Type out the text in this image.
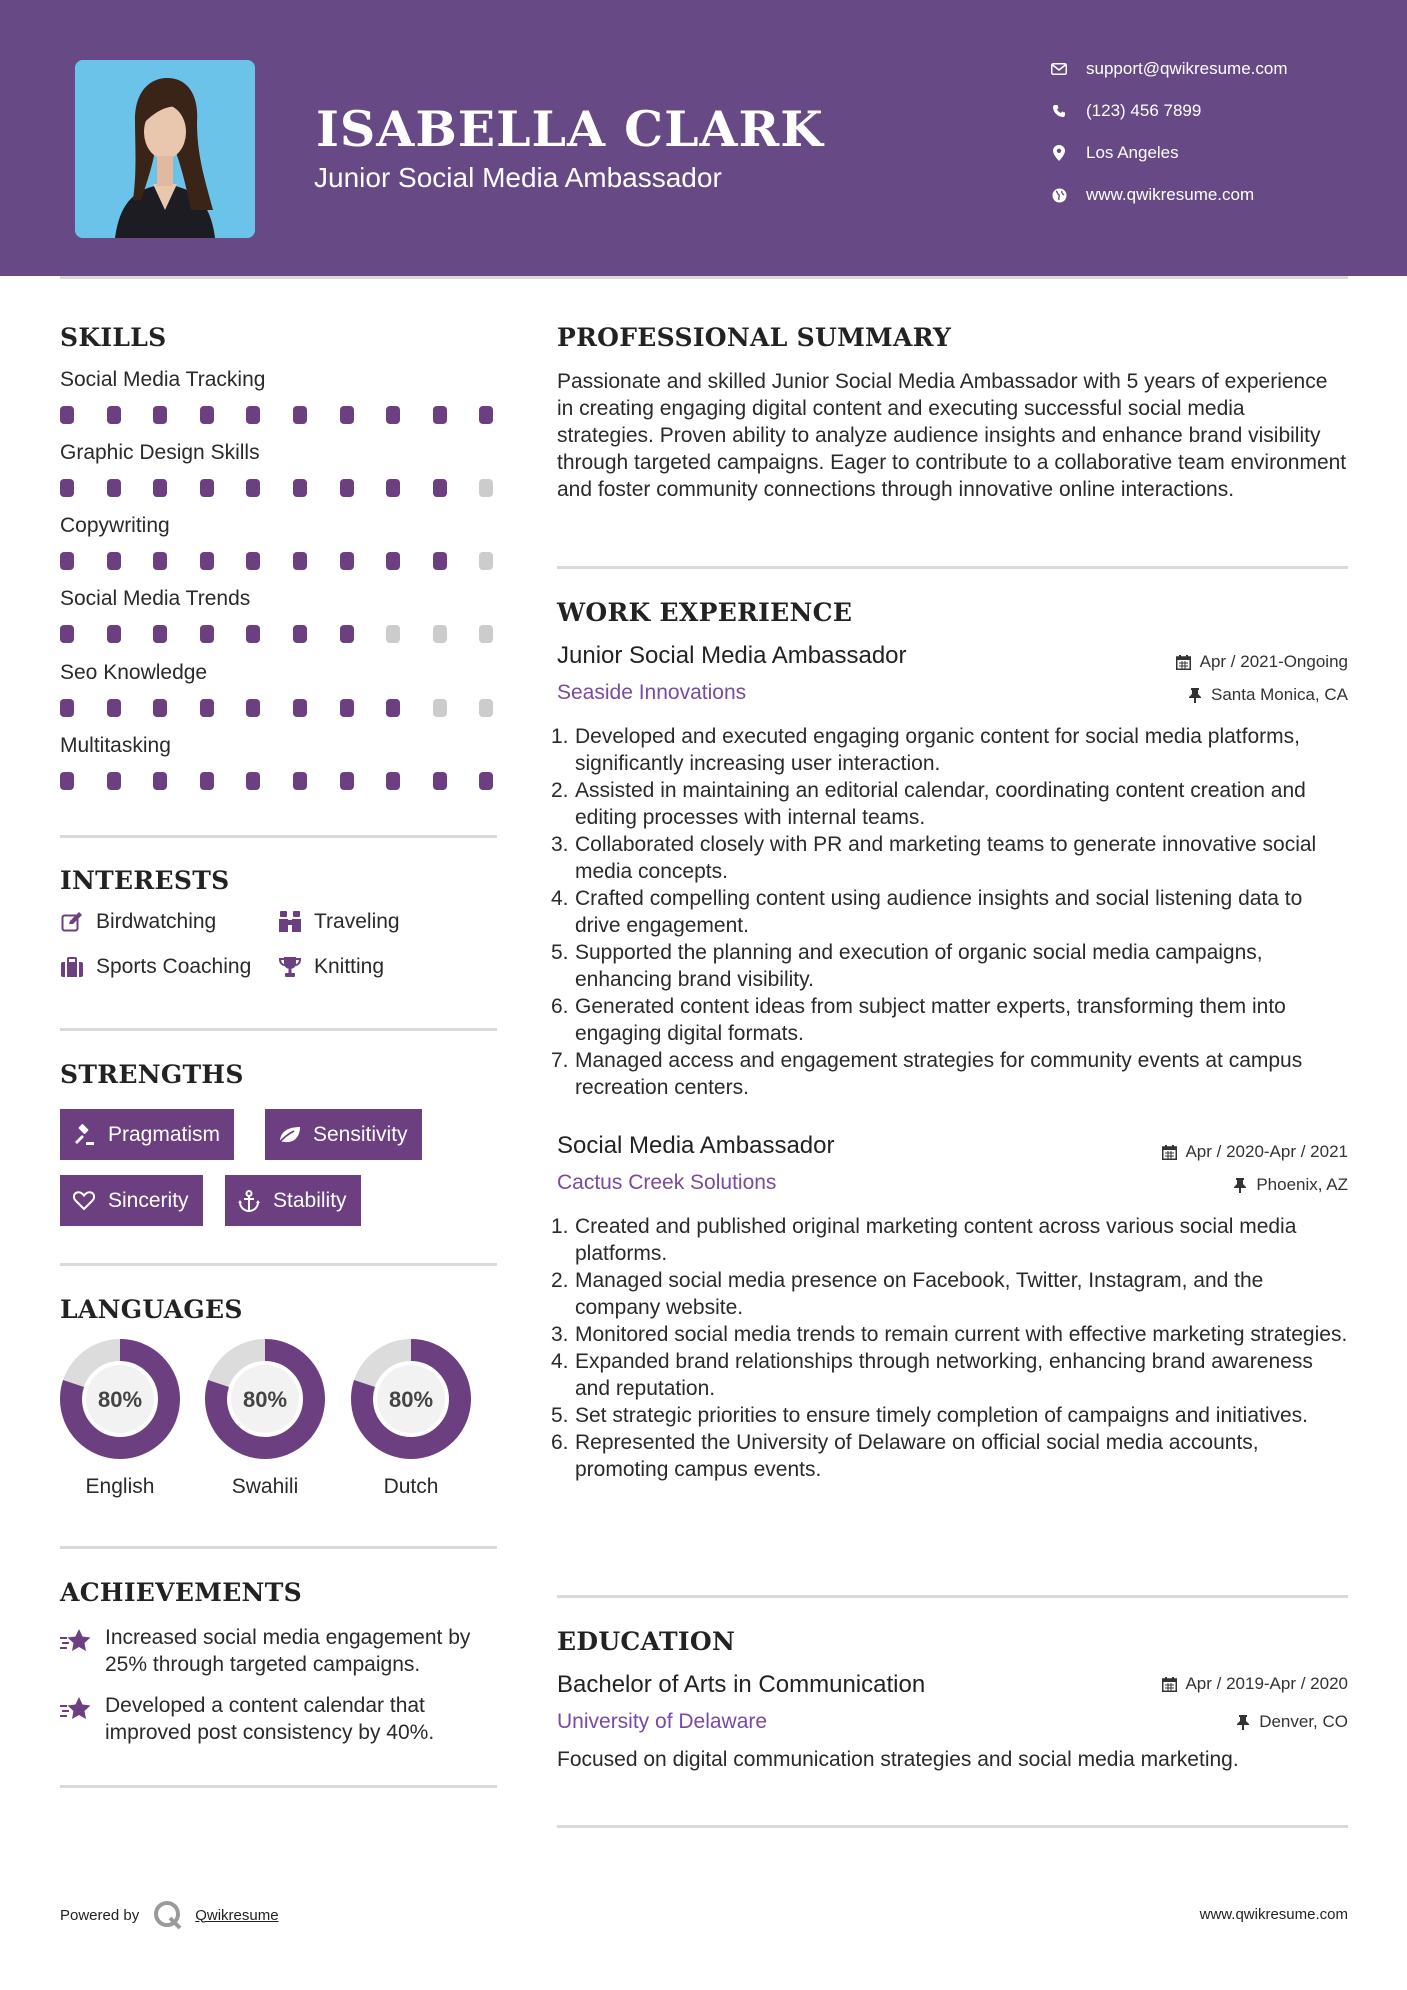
ISABELLA CLARK
Junior Social Media Ambassador
support@qwikresume.com
(123) 456 7899
Los Angeles
www.qwikresume.com
SKILLS
Social Media Tracking
Graphic Design Skills
Copywriting
Social Media Trends
Seo Knowledge
Multitasking
INTERESTS
Birdwatching	Traveling
Sports Coaching	Knitting
STRENGTHS
Pragmatism	Sensitivity
Sincerity	Stability
LANGUAGES
80%
English
80%
Swahili
80%
Dutch
ACHIEVEMENTS
Increased social media engagement by 25% through targeted campaigns.
Developed a content calendar that improved post consistency by 40%.
PROFESSIONAL SUMMARY
Passionate and skilled Junior Social Media Ambassador with 5 years of experience in creating engaging digital content and executing successful social media strategies. Proven ability to analyze audience insights and enhance brand visibility through targeted campaigns. Eager to contribute to a collaborative team environment and foster community connections through innovative online interactions.
WORK EXPERIENCE
Junior Social Media Ambassador	Apr / 2021-Ongoing
Seaside Innovations	Santa Monica, CA
1. Developed and executed engaging organic content for social media platforms, significantly increasing user interaction.
2. Assisted in maintaining an editorial calendar, coordinating content creation and editing processes with internal teams.
3. Collaborated closely with PR and marketing teams to generate innovative social media concepts.
4. Crafted compelling content using audience insights and social listening data to drive engagement.
5. Supported the planning and execution of organic social media campaigns, enhancing brand visibility.
6. Generated content ideas from subject matter experts, transforming them into engaging digital formats.
7. Managed access and engagement strategies for community events at campus recreation centers.
Social Media Ambassador	Apr / 2020-Apr / 2021
Cactus Creek Solutions	Phoenix, AZ
1. Created and published original marketing content across various social media platforms.
2. Managed social media presence on Facebook, Twitter, Instagram, and the company website.
3. Monitored social media trends to remain current with effective marketing strategies.
4. Expanded brand relationships through networking, enhancing brand awareness and reputation.
5. Set strategic priorities to ensure timely completion of campaigns and initiatives.
6. Represented the University of Delaware on official social media accounts, promoting campus events.
EDUCATION
Bachelor of Arts in Communication	Apr / 2019-Apr / 2020
University of Delaware	Denver, CO
Focused on digital communication strategies and social media marketing.
Powered by	Qwikresume	www.qwikresume.com
